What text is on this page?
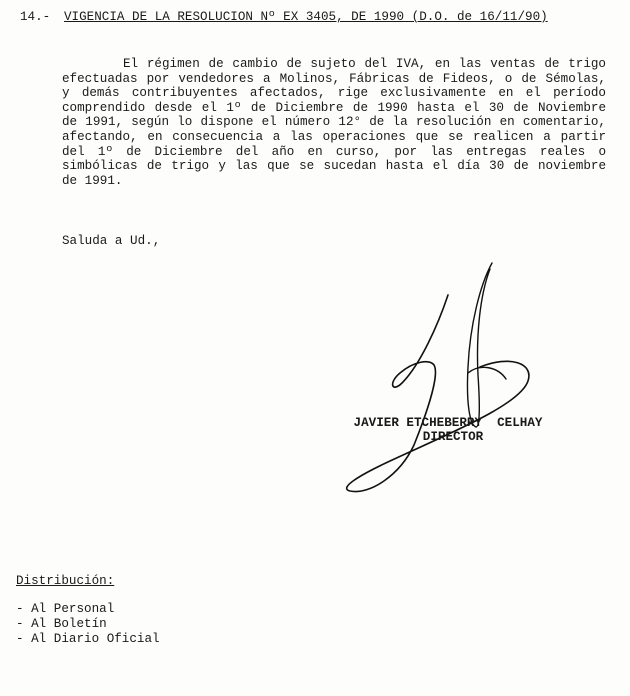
14.-	VIGENCIA DE LA RESOLUCION Nº EX 3405, DE 1990 (D.O. de 16/11/90)

El régimen de cambio de sujeto del IVA, en las ventas de trigo efectuadas por vendedores a Molinos, Fábricas de Fideos, o de Sémolas, y demás contribuyentes afectados, rige exclusivamente en el período comprendido desde el 1º de Diciembre de 1990 hasta el 30 de Noviembre de 1991, según lo dispone el número 12° de la resolución en comentario, afectando, en consecuencia a las operaciones que se realicen a partir del 1º de Diciembre del año en curso, por las entregas reales o simbólicas de trigo y las que se sucedan hasta el día 30 de noviembre de 1991.

Saluda a Ud.,
JAVIER ETCHEBERRY  CELHAY
DIRECTOR
Distribución:
- Al Personal
- Al Boletín
- Al Diario Oficial
